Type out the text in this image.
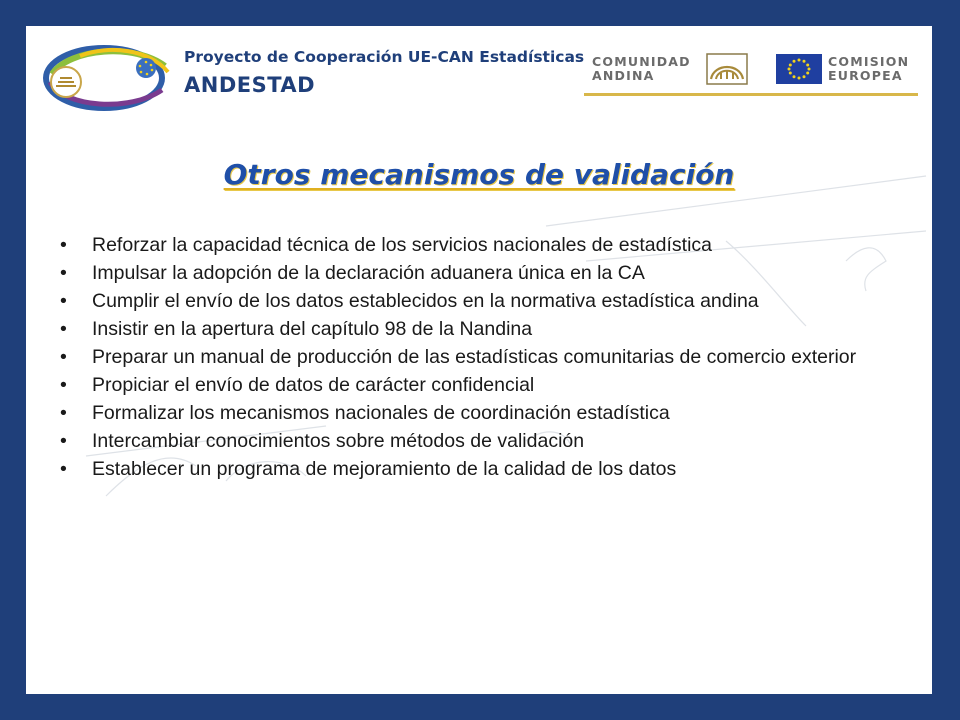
Proyecto de Cooperación UE-CAN Estadísticas
ANDESTAD
COMUNIDAD
ANDINA
COMISION
EUROPEA
Otros mecanismos de validación
• Reforzar la capacidad técnica de los servicios nacionales de estadística
• Impulsar la adopción de la declaración aduanera única en la CA
• Cumplir el envío de los datos establecidos en la normativa estadística andina
• Insistir en la apertura del capítulo 98 de la Nandina
• Preparar un manual de producción de las estadísticas comunitarias de comercio exterior
• Propiciar el envío de datos de carácter confidencial
• Formalizar los mecanismos nacionales de coordinación estadística
• Intercambiar conocimientos sobre métodos de validación
• Establecer un programa de mejoramiento de la calidad de los datos
